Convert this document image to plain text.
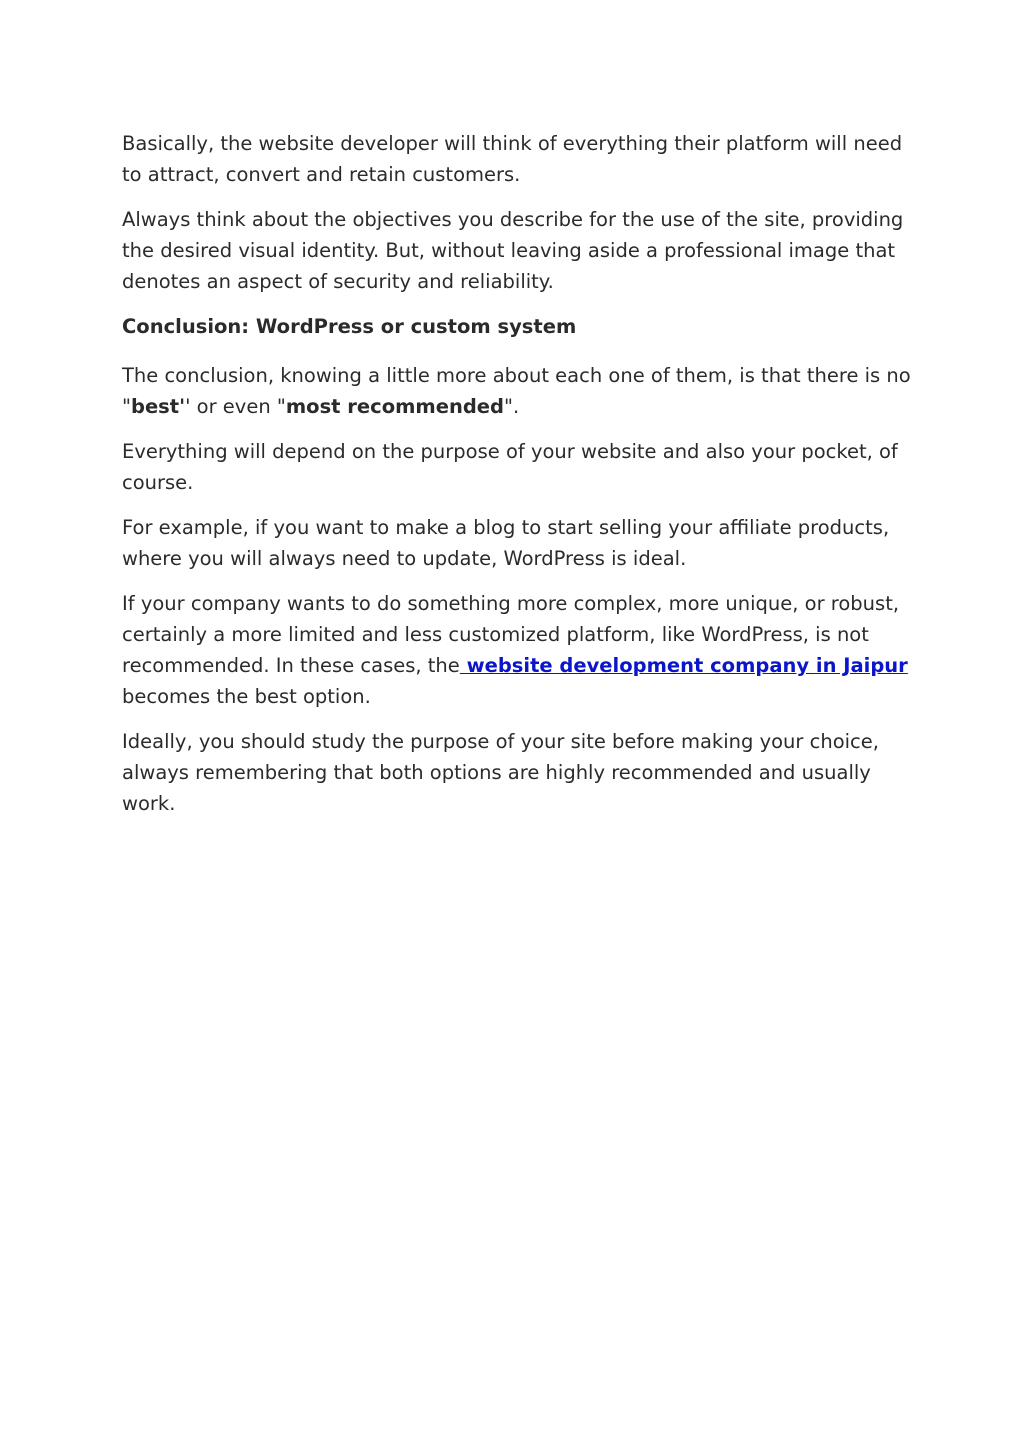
Basically, the website developer will think of everything their platform will need to attract, convert and retain customers.

Always think about the objectives you describe for the use of the site, providing the desired visual identity. But, without leaving aside a professional image that denotes an aspect of security and reliability.

Conclusion: WordPress or custom system

The conclusion, knowing a little more about each one of them, is that there is no "best'' or even "most recommended".

Everything will depend on the purpose of your website and also your pocket, of course.

For example, if you want to make a blog to start selling your affiliate products, where you will always need to update, WordPress is ideal.

If your company wants to do something more complex, more unique, or robust, certainly a more limited and less customized platform, like WordPress, is not recommended. In these cases, the website development company in Jaipur becomes the best option.

Ideally, you should study the purpose of your site before making your choice, always remembering that both options are highly recommended and usually work.
